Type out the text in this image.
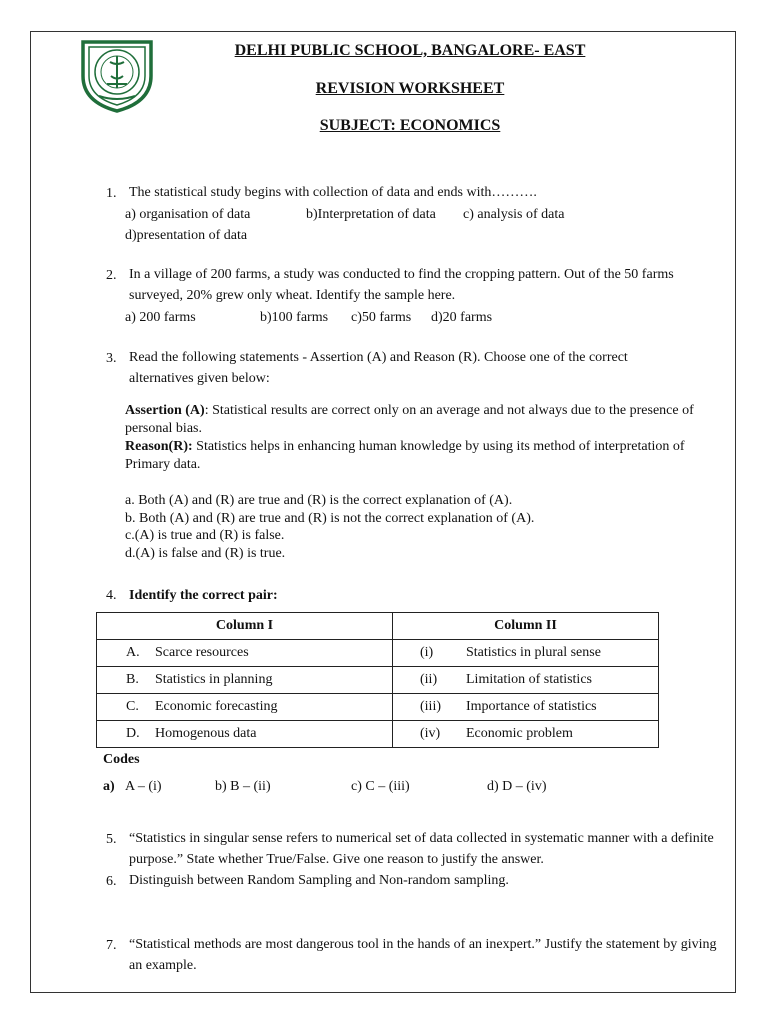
DELHI PUBLIC SCHOOL, BANGALORE- EAST
REVISION WORKSHEET
SUBJECT: ECONOMICS
1. The statistical study begins with collection of data and ends with……….
a) organisation of data	b)Interpretation of data c) analysis of data
d)presentation of data
2. In a village of 200 farms, a study was conducted to find the cropping pattern. Out of the 50 farms surveyed, 20% grew only wheat. Identify the sample here.
a) 200 farms	b)100 farms c)50 farms d)20 farms
3. Read the following statements - Assertion (A) and Reason (R). Choose one of the correct alternatives given below:
Assertion (A): Statistical results are correct only on an average and not always due to the presence of personal bias.
Reason(R): Statistics helps in enhancing human knowledge by using its method of interpretation of Primary data.
a. Both (A) and (R) are true and (R) is the correct explanation of (A).
b. Both (A) and (R) are true and (R) is not the correct explanation of (A).
c.(A) is true and (R) is false.
d.(A) is false and (R) is true.
4. Identify the correct pair:
Column I	Column II

A. Scarce resources	(i) Statistics in plural sense

B. Statistics in planning	(ii) Limitation of statistics

C. Economic forecasting	(iii) Importance of statistics

D. Homogenous data	(iv) Economic problem
Codes
a) A – (i)	b) B – (ii)	c) C – (iii)	d) D – (iv)
5. “Statistics in singular sense refers to numerical set of data collected in systematic manner with a definite purpose.” State whether True/False. Give one reason to justify the answer.
6. Distinguish between Random Sampling and Non-random sampling.
7. “Statistical methods are most dangerous tool in the hands of an inexpert.” Justify the statement by giving an example.
